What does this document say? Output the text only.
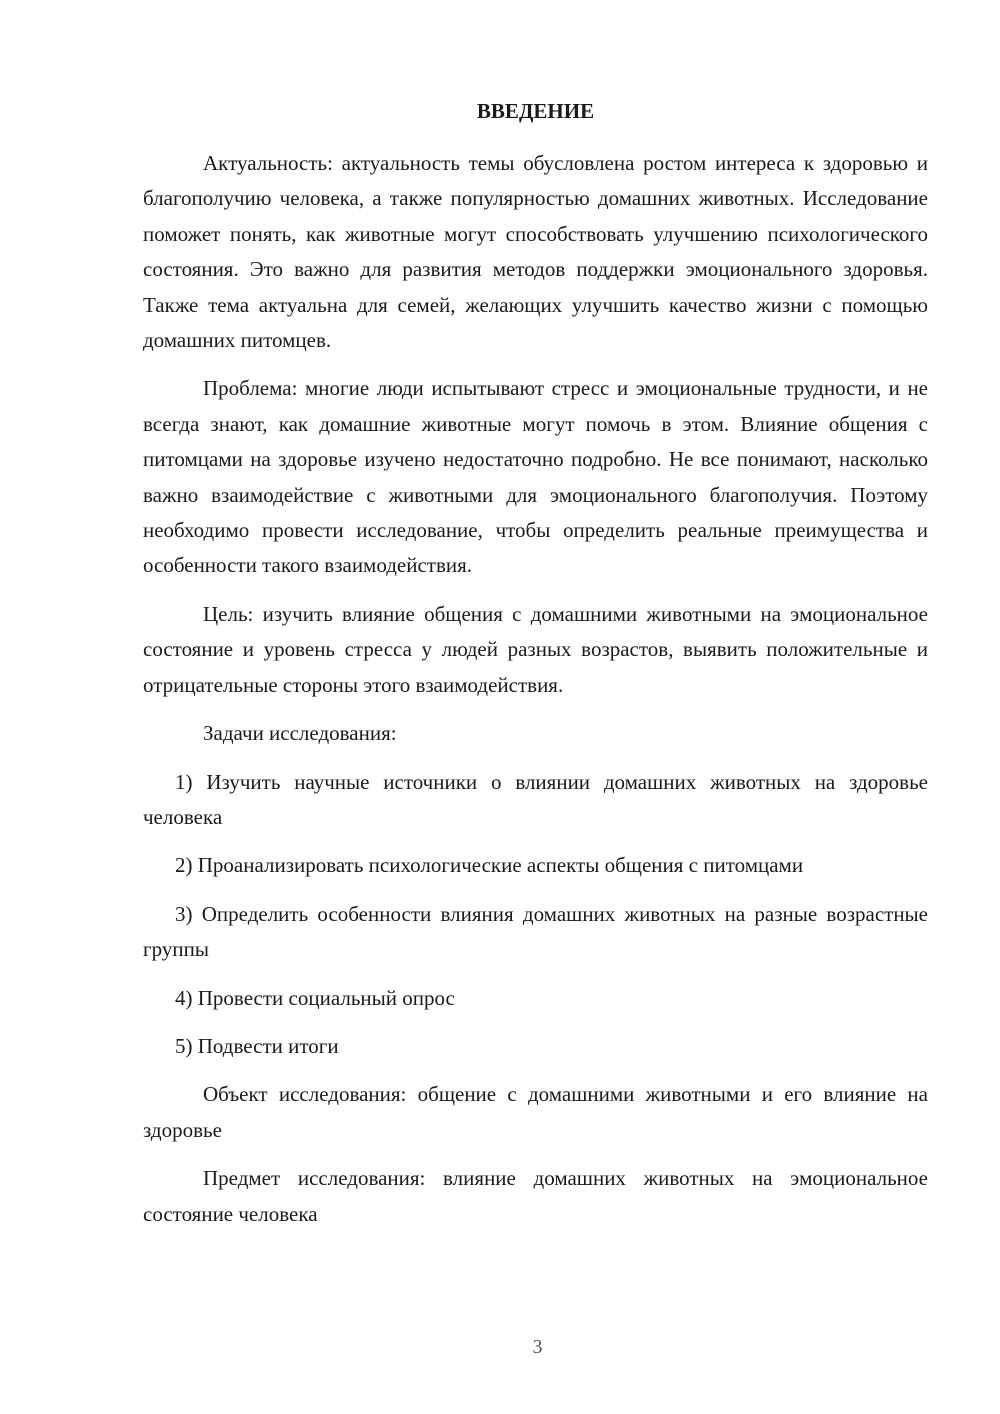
ВВЕДЕНИЕ

Актуальность: актуальность темы обусловлена ростом интереса к здоровью и благополучию человека, а также популярностью домашних животных. Исследование поможет понять, как животные могут способствовать улучшению психологического состояния. Это важно для развития методов поддержки эмоционального здоровья. Также тема актуальна для семей, желающих улучшить качество жизни с помощью домашних питомцев.

Проблема: многие люди испытывают стресс и эмоциональные трудности, и не всегда знают, как домашние животные могут помочь в этом. Влияние общения с питомцами на здоровье изучено недостаточно подробно. Не все понимают, насколько важно взаимодействие с животными для эмоционального благополучия. Поэтому необходимо провести исследование, чтобы определить реальные преимущества и особенности такого взаимодействия.

Цель: изучить влияние общения с домашними животными на эмоциональное состояние и уровень стресса у людей разных возрастов, выявить положительные и отрицательные стороны этого взаимодействия.

Задачи исследования:

1) Изучить научные источники о влиянии домашних животных на здоровье человека

2) Проанализировать психологические аспекты общения с питомцами

3) Определить особенности влияния домашних животных на разные возрастные группы

4) Провести социальный опрос

5) Подвести итоги

Объект исследования: общение с домашними животными и его влияние на здоровье

Предмет исследования: влияние домашних животных на эмоциональное состояние человека

3
